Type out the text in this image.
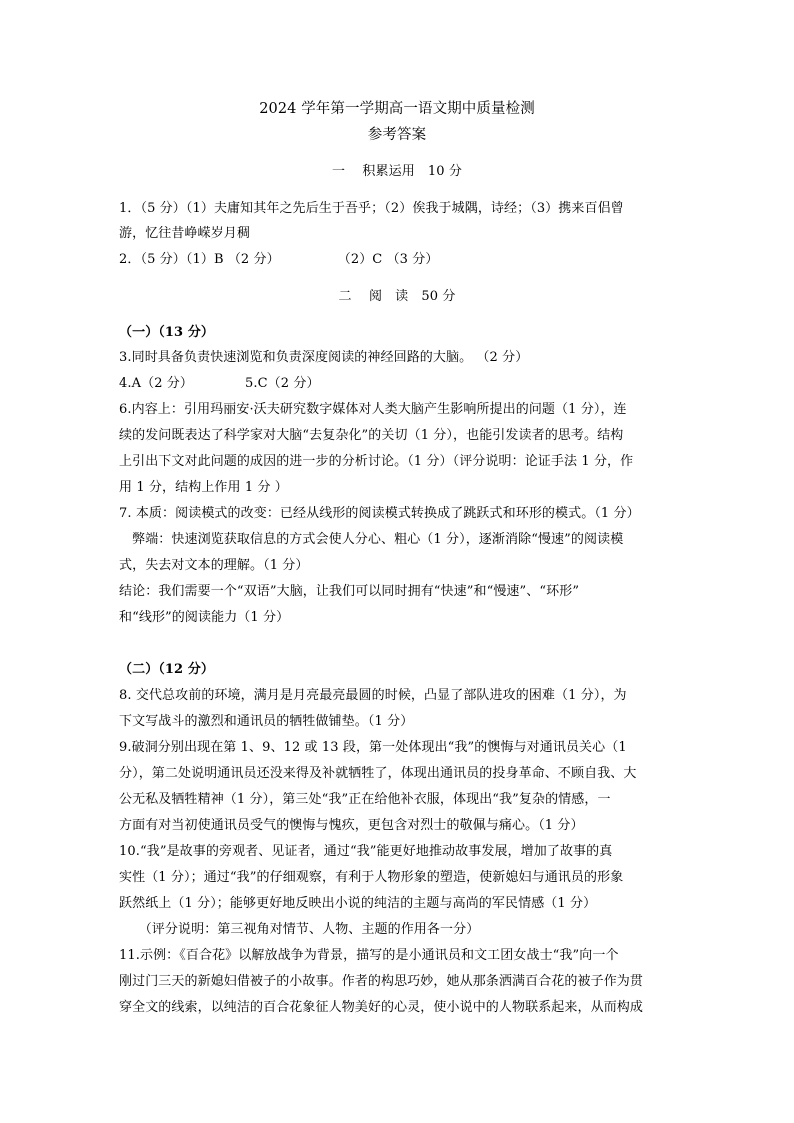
2024 学年第一学期高一语文期中质量检测
参考答案
一　 积累运用　10 分
1．（5 分）（1）夫庸知其年之先后生于吾乎；（2）俟我于城隅，诗经；（3）携来百侣曾
游，忆往昔峥嵘岁月稠
2．（5 分）（1）B （2 分）	（2）C （3 分）
二　 阅　读　50 分
（一）（13 分）
3.同时具备负责快速浏览和负责深度阅读的神经回路的大脑。 （2 分）
4.A（2 分）	5.C（2 分）
6.内容上：引用玛丽安·沃夫研究数字媒体对人类大脑产生影响所提出的问题（1 分），连
续的发问既表达了科学家对大脑“去复杂化”的关切（1 分），也能引发读者的思考。结构
上引出下文对此问题的成因的进一步的分析讨论。（1 分）（评分说明：论证手法 1 分，作
用 1 分，结构上作用 1 分 ）
7. 本质：阅读模式的改变：已经从线形的阅读模式转换成了跳跃式和环形的模式。（1 分）
　弊端：快速浏览获取信息的方式会使人分心、粗心（1 分），逐渐消除“慢速”的阅读模
式，失去对文本的理解。（1 分）
结论：我们需要一个“双语”大脑，让我们可以同时拥有“快速”和“慢速”、“环形”
和“线形”的阅读能力（1 分）
（二）（12 分）
8. 交代总攻前的环境，满月是月亮最亮最圆的时候，凸显了部队进攻的困难（1 分），为
下文写战斗的激烈和通讯员的牺牲做铺垫。（1 分）
9.破洞分别出现在第 1、9、12 或 13 段，第一处体现出“我”的懊悔与对通讯员关心（1
分），第二处说明通讯员还没来得及补就牺牲了，体现出通讯员的投身革命、不顾自我、大
公无私及牺牲精神（1 分），第三处“我”正在给他补衣服，体现出“我”复杂的情感，一
方面有对当初使通讯员受气的懊悔与愧疚，更包含对烈士的敬佩与痛心。（1 分）
10.“我”是故事的旁观者、见证者，通过“我”能更好地推动故事发展，增加了故事的真
实性（1 分）；通过“我”的仔细观察，有利于人物形象的塑造，使新媳妇与通讯员的形象
跃然纸上（1 分）；能够更好地反映出小说的纯洁的主题与高尚的军民情感（1 分）
　　（评分说明：第三视角对情节、人物、主题的作用各一分）
11.示例：《百合花》以解放战争为背景，描写的是小通讯员和文工团女战士“我”向一个
刚过门三天的新媳妇借被子的小故事。作者的构思巧妙，她从那条洒满百合花的被子作为贯
穿全文的线索，以纯洁的百合花象征人物美好的心灵，使小说中的人物联系起来，从而构成
